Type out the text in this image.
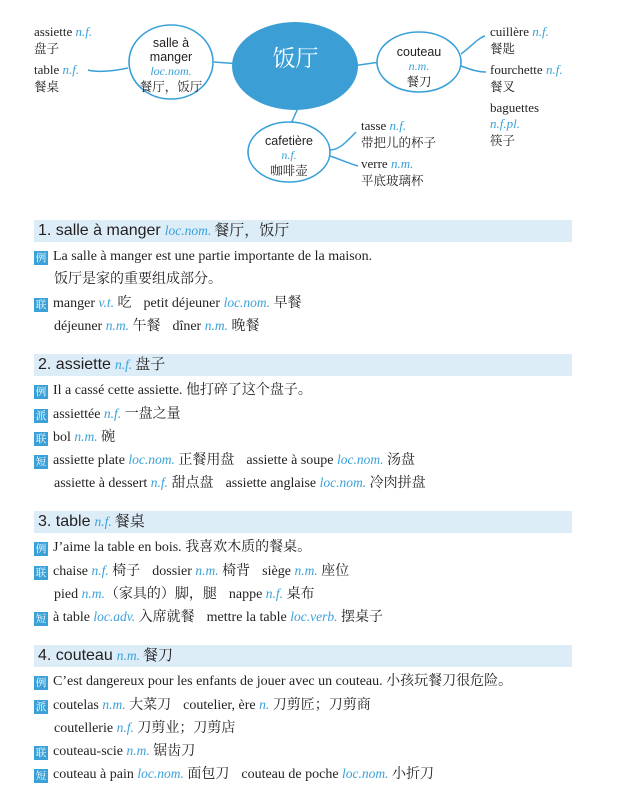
assiette n.f.
盘子
table n.f.
餐桌
salle à
manger
loc.nom.
餐厅，饭厅
饭厅	couteau
n.m.
餐刀
cafetière
n.f.
咖啡壶
tasse n.f.
带把儿的杯子
verre n.m.
平底玻璃杯
cuillère n.f.
餐匙
fourchette n.f.
餐叉
baguettes
n.f.pl.
筷子
1. salle à manger loc.nom. 餐厅，饭厅
例 La salle à manger est une partie importante de la maison.
饭厅是家的重要组成部分。
联 manger v.t. 吃 petit déjeuner loc.nom. 早餐
déjeuner n.m. 午餐 dîner n.m. 晚餐
2. assiette n.f. 盘子
例 Il a cassé cette assiette. 他打碎了这个盘子。
派 assiettée n.f. 一盘之量
联 bol n.m. 碗
短 assiette plate loc.nom. 正餐用盘 assiette à soupe loc.nom. 汤盘
assiette à dessert n.f. 甜点盘 assiette anglaise loc.nom. 冷肉拼盘
3. table n.f. 餐桌
例 J’aime la table en bois. 我喜欢木质的餐桌。
联 chaise n.f. 椅子 dossier n.m. 椅背 siège n.m. 座位
pied n.m.（家具的）脚，腿 nappe n.f. 桌布
短 à table loc.adv. 入席就餐 mettre la table loc.verb. 摆桌子
4. couteau n.m. 餐刀
例 C’est dangereux pour les enfants de jouer avec un couteau. 小孩玩餐刀很危险。
派 coutelas n.m. 大菜刀 coutelier, ère n. 刀剪匠；刀剪商
coutellerie n.f. 刀剪业；刀剪店
联 couteau-scie n.m. 锯齿刀
短 couteau à pain loc.nom. 面包刀 couteau de poche loc.nom. 小折刀
